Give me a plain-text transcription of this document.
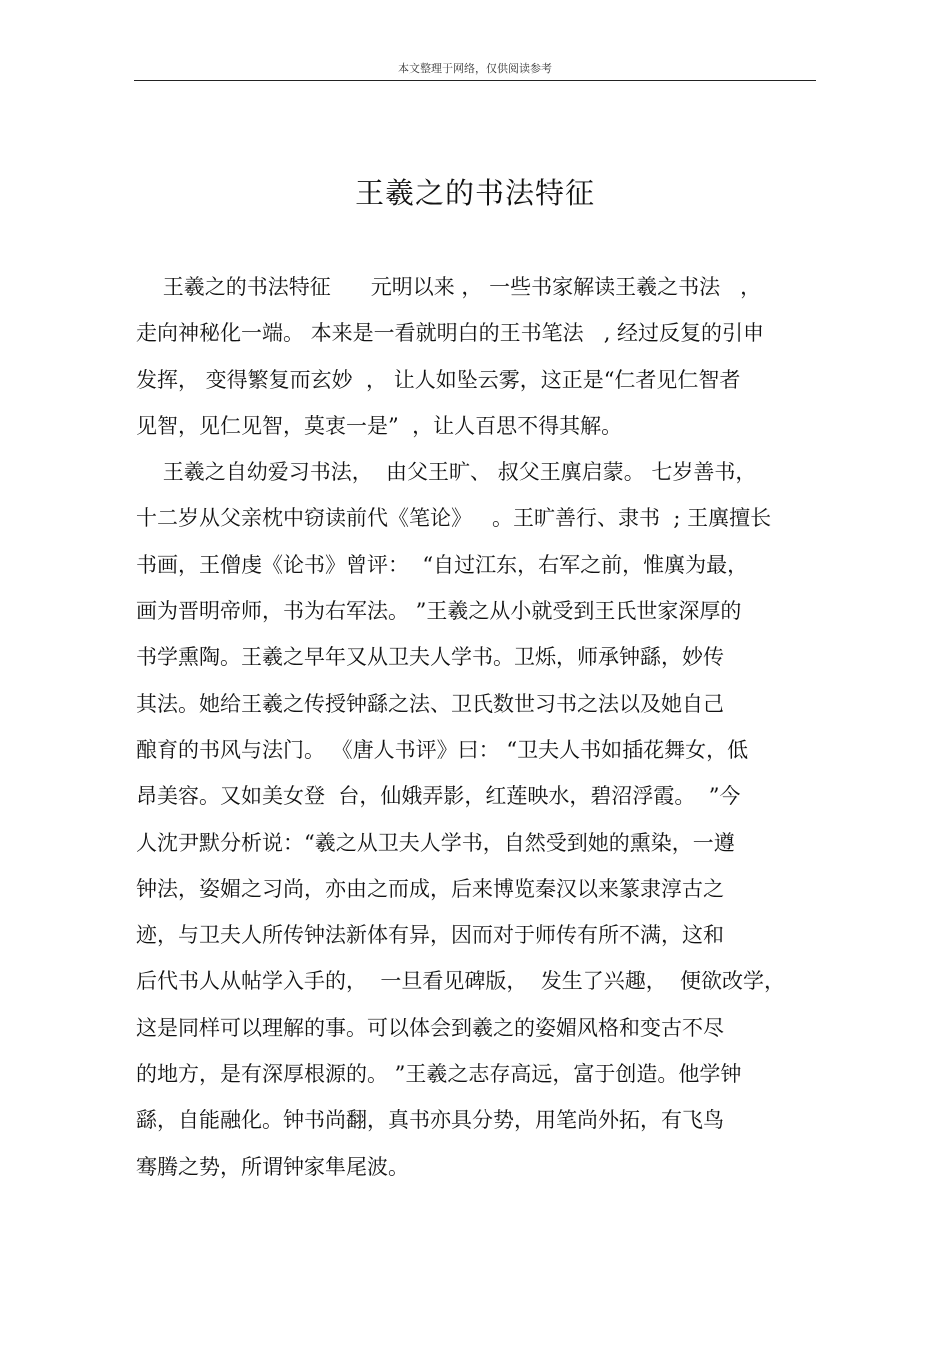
本文整理于网络，仅供阅读参考
王羲之的书法特征
王羲之的书法特征      元明以来 ， 一些书家解读王羲之书法   ，
走向神秘化一端。 本来是一看就明白的王书笔法   , 经过反复的引申
发挥， 变得繁复而玄妙  ， 让人如坠云雾，这正是“仁者见仁智者
见智，见仁见智，莫衷一是”  ，让人百思不得其解。
王羲之自幼爱习书法，  由父王旷、 叔父王廙启蒙。 七岁善书，
十二岁从父亲枕中窃读前代《笔论》   。王旷善行、隶书  ; 王廙擅长
书画，王僧虔《论书》曾评：  “自过江东，右军之前，惟廙为最，
画为晋明帝师，书为右军法。 ”王羲之从小就受到王氏世家深厚的
书学熏陶。王羲之早年又从卫夫人学书。卫烁，师承钟繇，妙传
其法。她给王羲之传授钟繇之法、卫氏数世习书之法以及她自己
酿育的书风与法门。 《唐人书评》曰： “卫夫人书如插花舞女，低
昂美容。又如美女登  台，仙娥弄影，红莲映水，碧沼浮霞。  ”今
人沈尹默分析说：“羲之从卫夫人学书，自然受到她的熏染，一遵
钟法，姿媚之习尚，亦由之而成，后来博览秦汉以来篆隶淳古之
迹，与卫夫人所传钟法新体有异，因而对于师传有所不满，这和
后代书人从帖学入手的，  一旦看见碑版，  发生了兴趣，  便欲改学，
这是同样可以理解的事。可以体会到羲之的姿媚风格和变古不尽
的地方，是有深厚根源的。 ”王羲之志存高远，富于创造。他学钟
繇，自能融化。钟书尚翻，真书亦具分势，用笔尚外拓，有飞鸟
骞腾之势，所谓钟家隼尾波。
